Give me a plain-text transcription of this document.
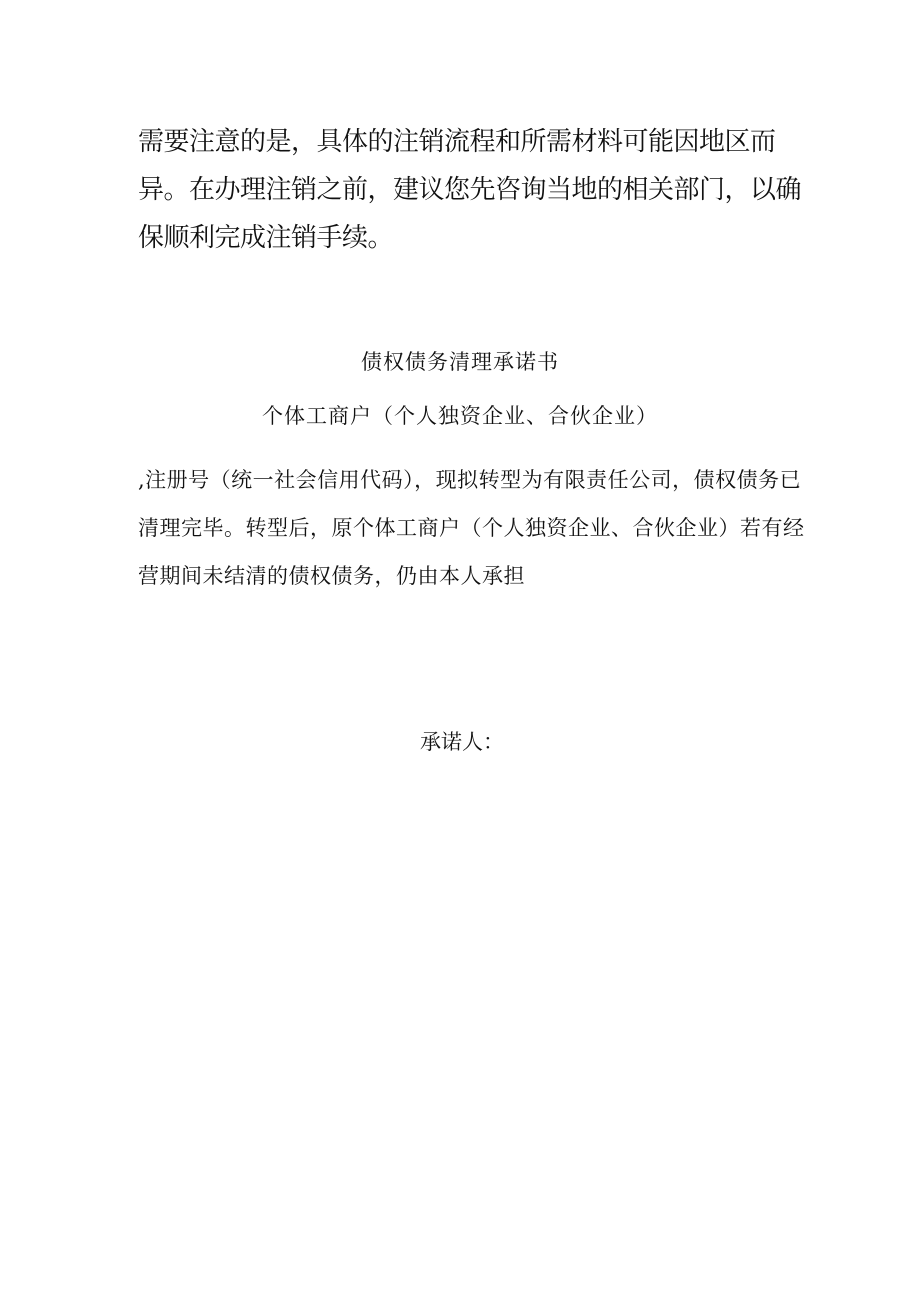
需要注意的是，具体的注销流程和所需材料可能因地区而异。在办理注销之前，建议您先咨询当地的相关部门，以确保顺利完成注销手续。

债权债务清理承诺书
个体工商户（个人独资企业、合伙企业）

,注册号（统一社会信用代码），现拟转型为有限责任公司，债权债务已清理完毕。转型后，原个体工商户（个人独资企业、合伙企业）若有经营期间未结清的债权债务，仍由本人承担

承诺人：
